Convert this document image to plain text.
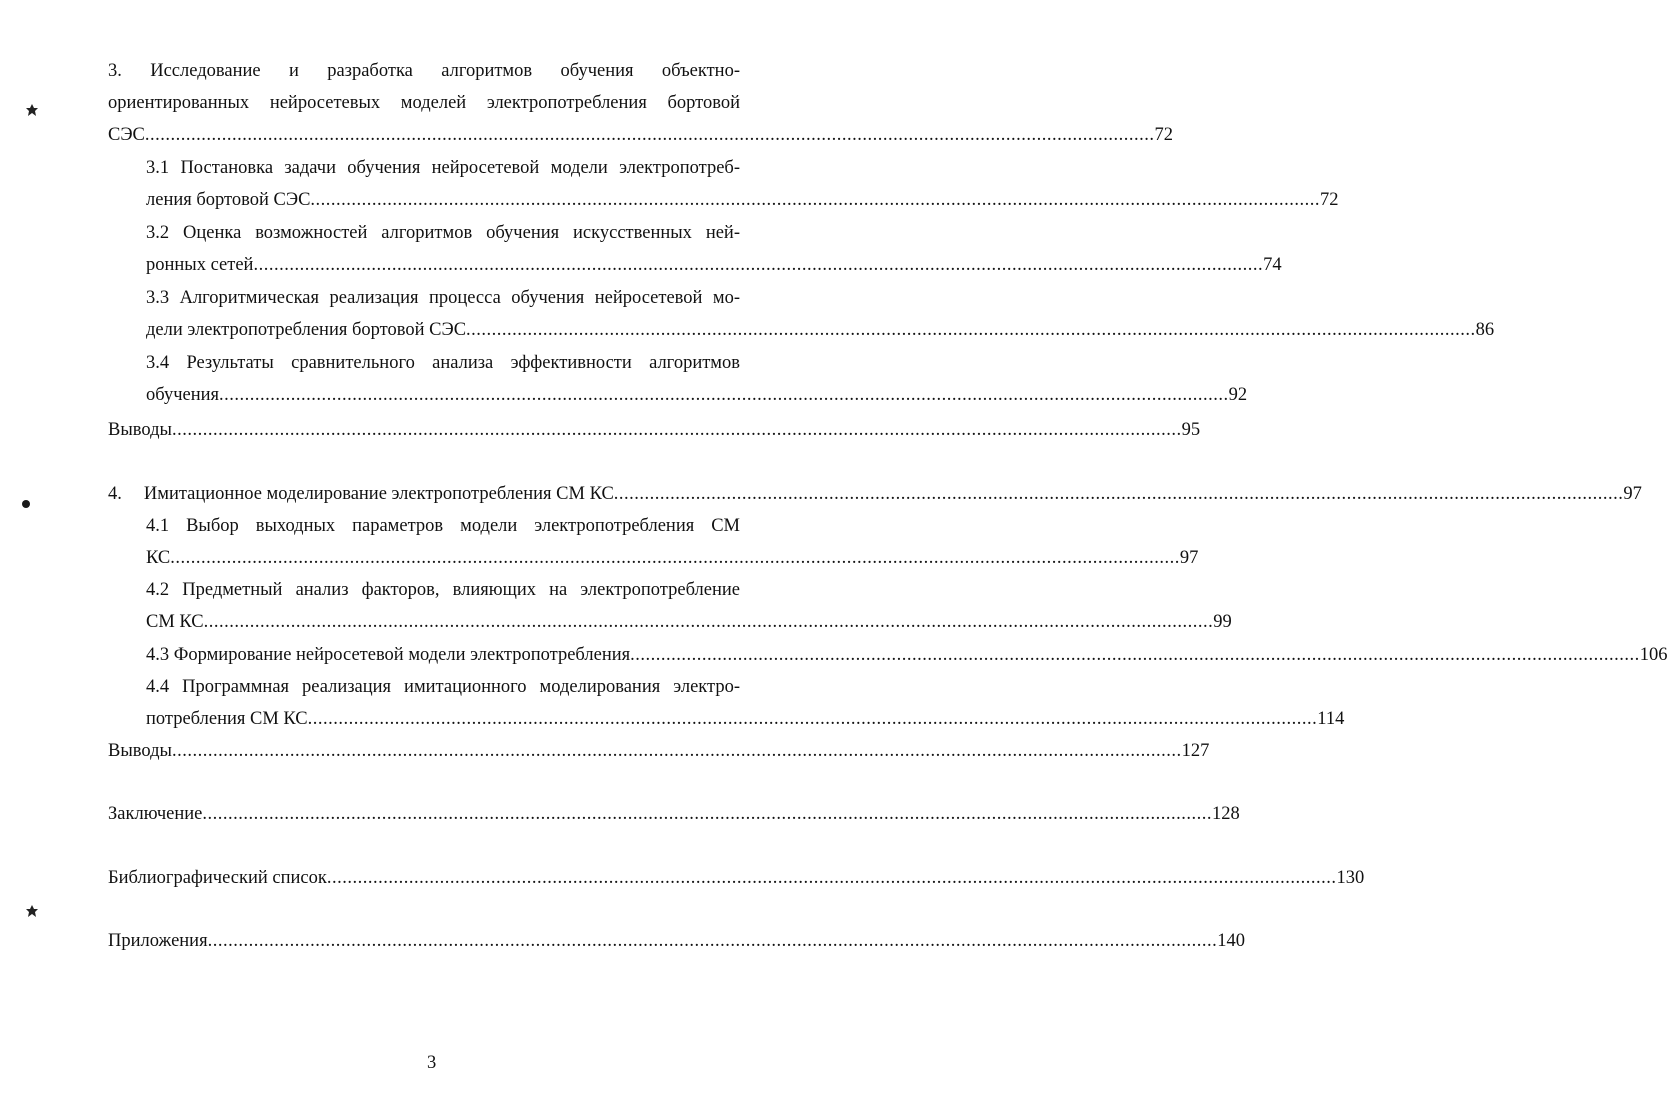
3. Исследование и разработка алгоритмов обучения объектно-
ориентированных нейросетевых моделей электропотребления бортовой
СЭС ..................................................................................................................................................................................................... 72
3.1 Постановка задачи обучения нейросетевой модели электропотреб-
ления бортовой СЭС ..................................................................................................................................................................................................... 72
3.2 Оценка возможностей алгоритмов обучения искусственных ней-
ронных сетей ..................................................................................................................................................................................................... 74
3.3 Алгоритмическая реализация процесса обучения нейросетевой мо-
дели электропотребления бортовой СЭС ..................................................................................................................................................................................................... 86
3.4 Результаты сравнительного анализа эффективности алгоритмов
обучения ..................................................................................................................................................................................................... 92
Выводы ..................................................................................................................................................................................................... 95
4. Имитационное моделирование электропотребления СМ КС ..................................................................................................................................................................................................... 97
4.1 Выбор выходных параметров модели электропотребления СМ
КС ..................................................................................................................................................................................................... 97
4.2 Предметный анализ факторов, влияющих на электропотребление
СМ КС ..................................................................................................................................................................................................... 99
4.3 Формирование нейросетевой модели электропотребления ..................................................................................................................................................................................................... 106
4.4 Программная реализация имитационного моделирования электро-
потребления СМ КС ..................................................................................................................................................................................................... 114
Выводы ..................................................................................................................................................................................................... 127
Заключение ..................................................................................................................................................................................................... 128
Библиографический список ..................................................................................................................................................................................................... 130
Приложения ..................................................................................................................................................................................................... 140
3
